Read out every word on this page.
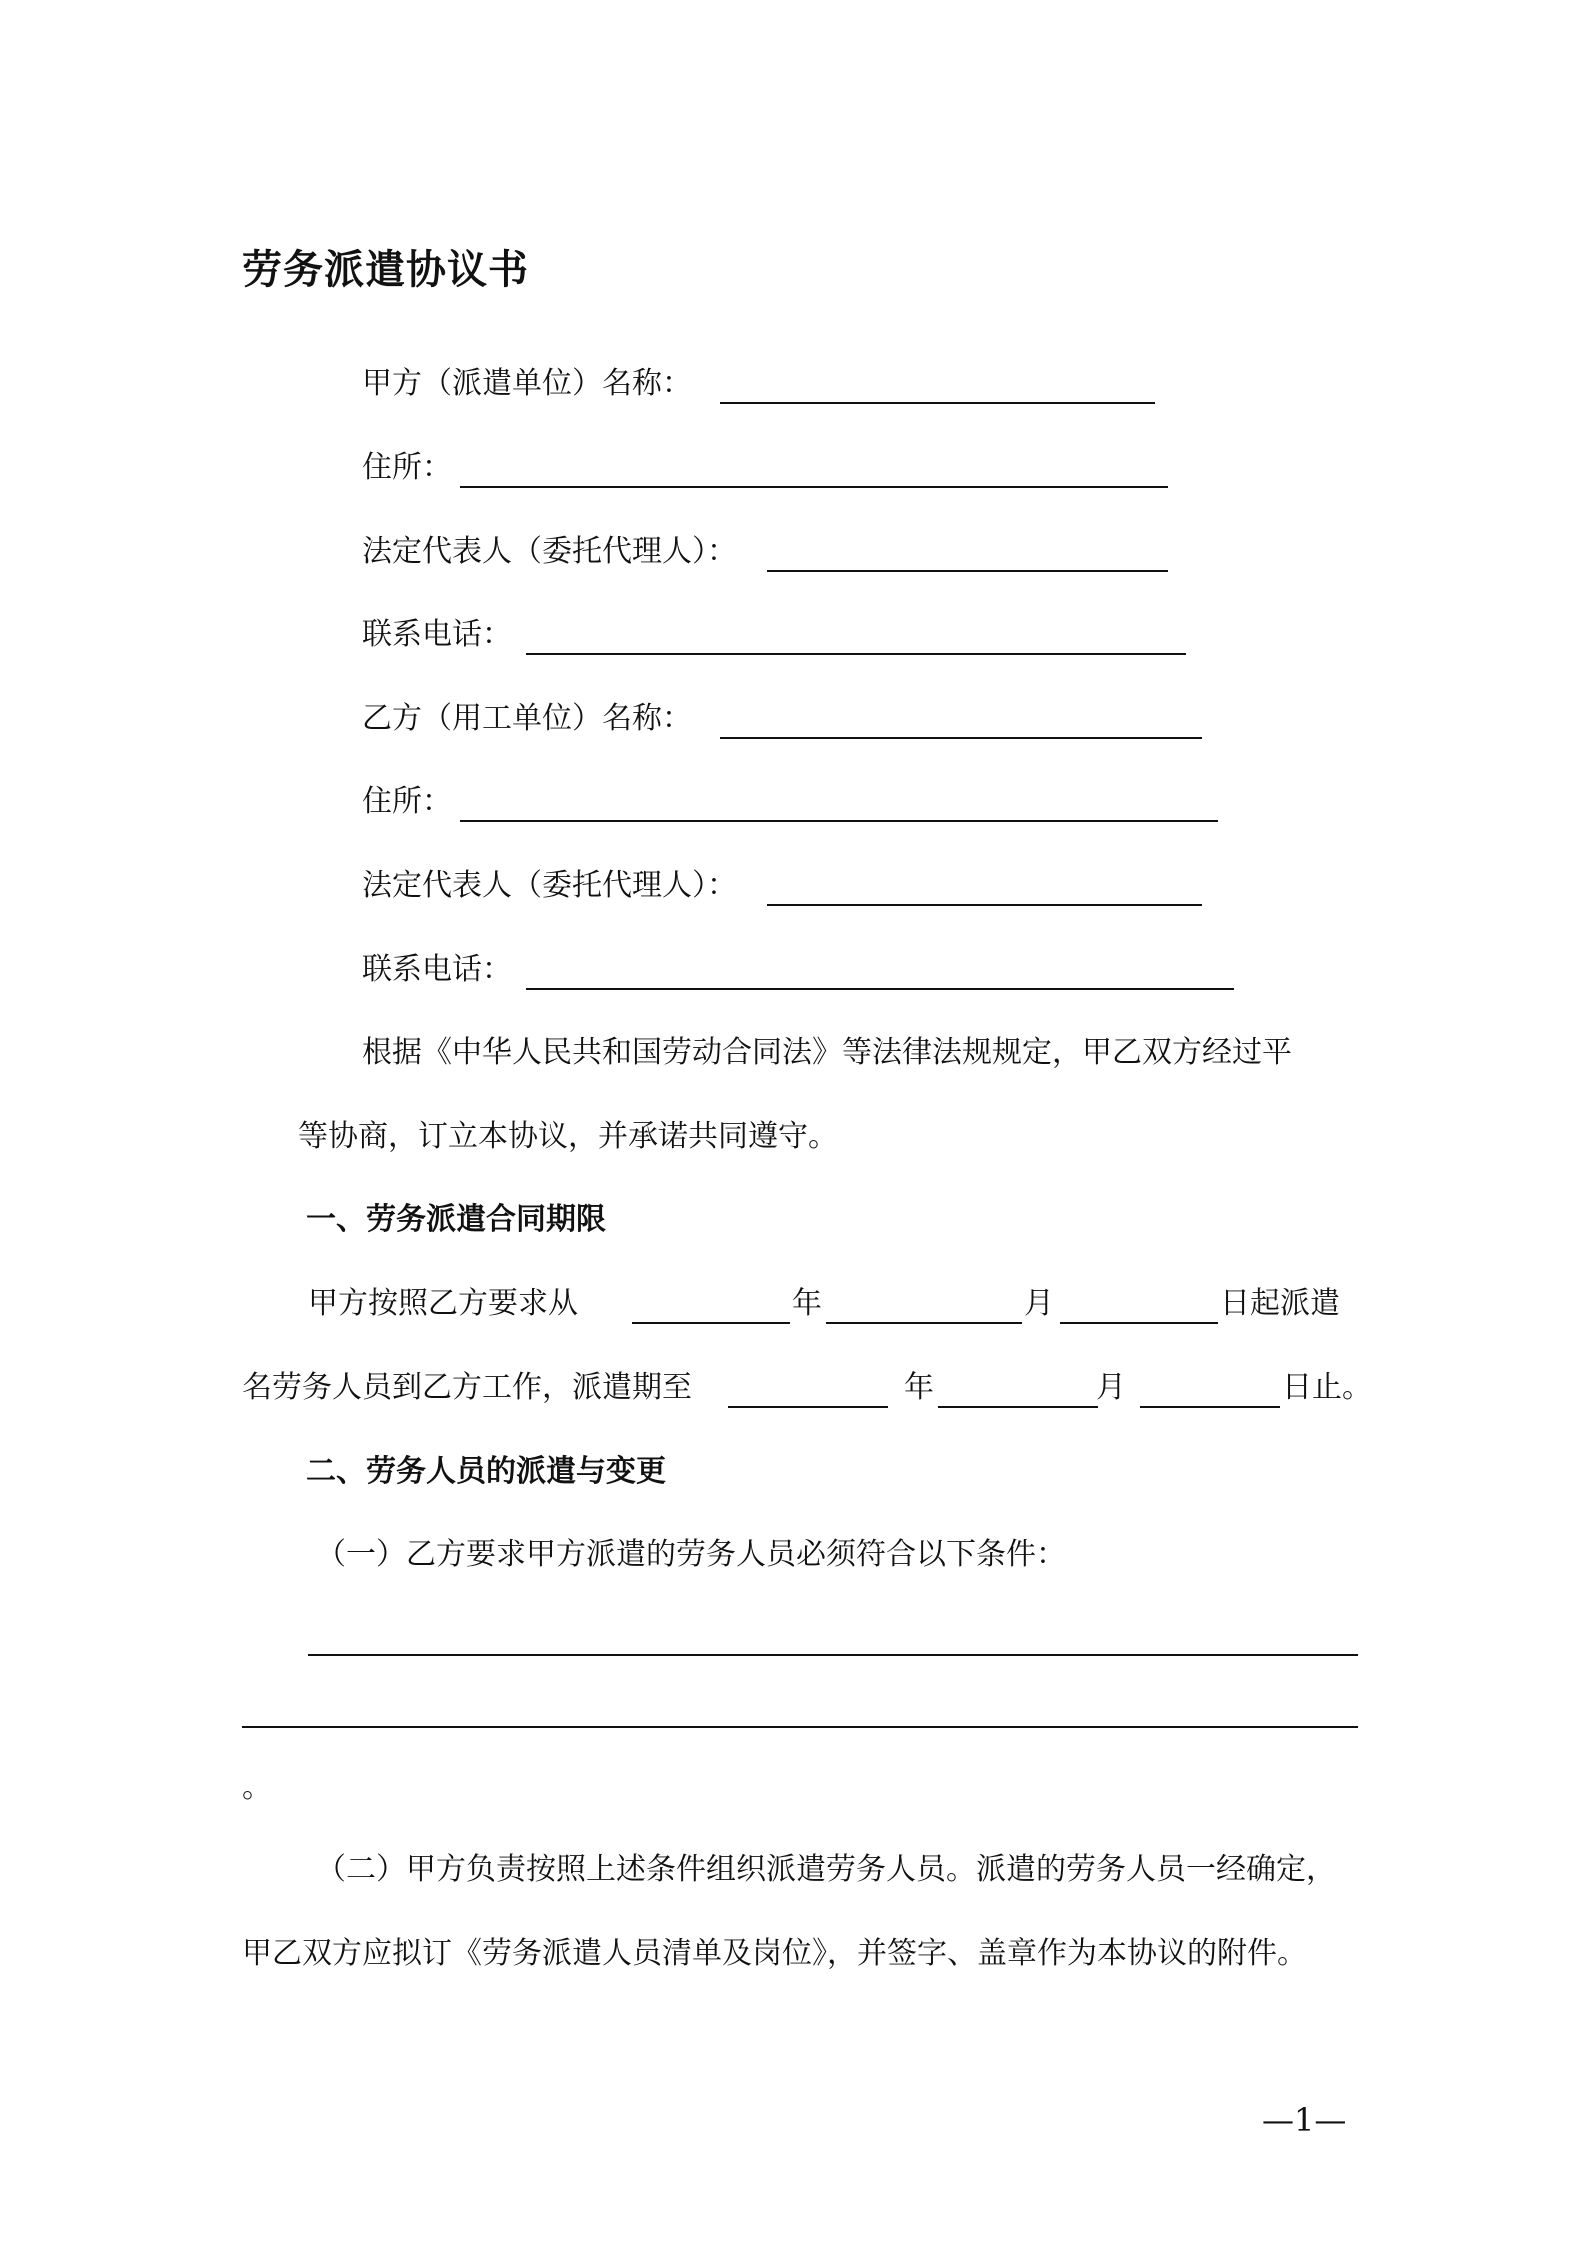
劳务派遣协议书
甲方（派遣单位）名称：
住所：
法定代表人（委托代理人）：
联系电话：
乙方（用工单位）名称：
住所：
法定代表人（委托代理人）：
联系电话：
根据《中华人民共和国劳动合同法》等法律法规规定，甲乙双方经过平
等协商，订立本协议，并承诺共同遵守。
一、劳务派遣合同期限
甲方按照乙方要求从	年	月	日起派遣
名劳务人员到乙方工作，派遣期至	年	月	日止。
二、劳务人员的派遣与变更
（一）乙方要求甲方派遣的劳务人员必须符合以下条件：
。
（二）甲方负责按照上述条件组织派遣劳务人员。派遣的劳务人员一经确定，
甲乙双方应拟订《劳务派遣人员清单及岗位》，并签字、盖章作为本协议的附件。
—1—
